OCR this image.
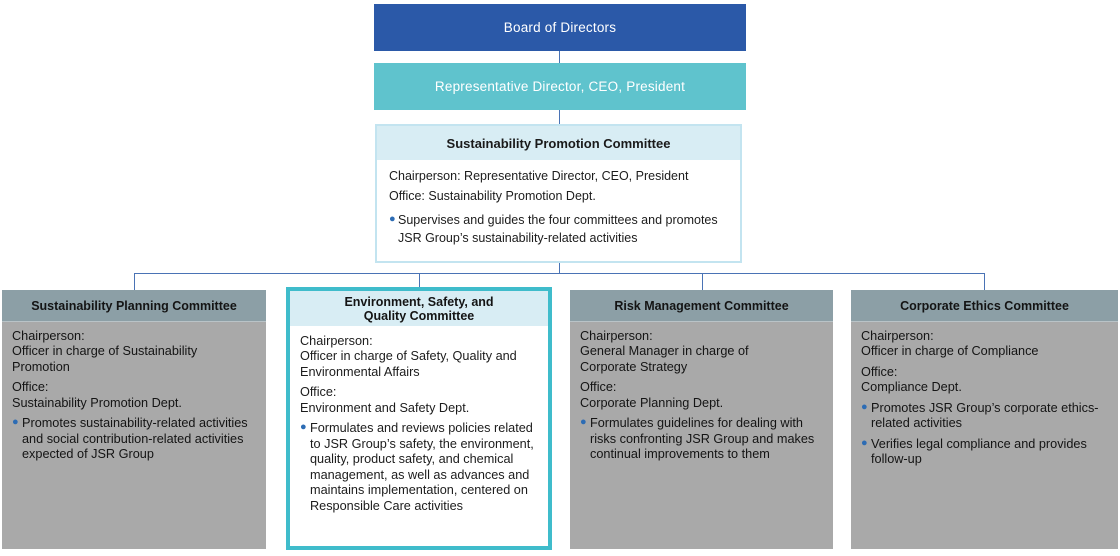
Board of Directors
Representative Director, CEO, President
Sustainability Promotion Committee
Chairperson: Representative Director, CEO, President
Office: Sustainability Promotion Dept.
● Supervises and guides the four committees and promotes JSR Group’s sustainability-related activities
Sustainability Planning Committee
Chairperson:
Officer in charge of Sustainability Promotion
Office:
Sustainability Promotion Dept.
● Promotes sustainability-related activities and social contribution-related activities expected of JSR Group
Environment, Safety, and Quality Committee
Chairperson:
Officer in charge of Safety, Quality and Environmental Affairs
Office:
Environment and Safety Dept.
● Formulates and reviews policies related to JSR Group’s safety, the environment, quality, product safety, and chemical management, as well as advances and maintains implementation, centered on Responsible Care activities
Risk Management Committee
Chairperson:
General Manager in charge of Corporate Strategy
Office:
Corporate Planning Dept.
● Formulates guidelines for dealing with risks confronting JSR Group and makes continual improvements to them
Corporate Ethics Committee
Chairperson:
Officer in charge of Compliance
Office:
Compliance Dept.
● Promotes JSR Group’s corporate ethics-related activities
● Verifies legal compliance and provides follow-up
